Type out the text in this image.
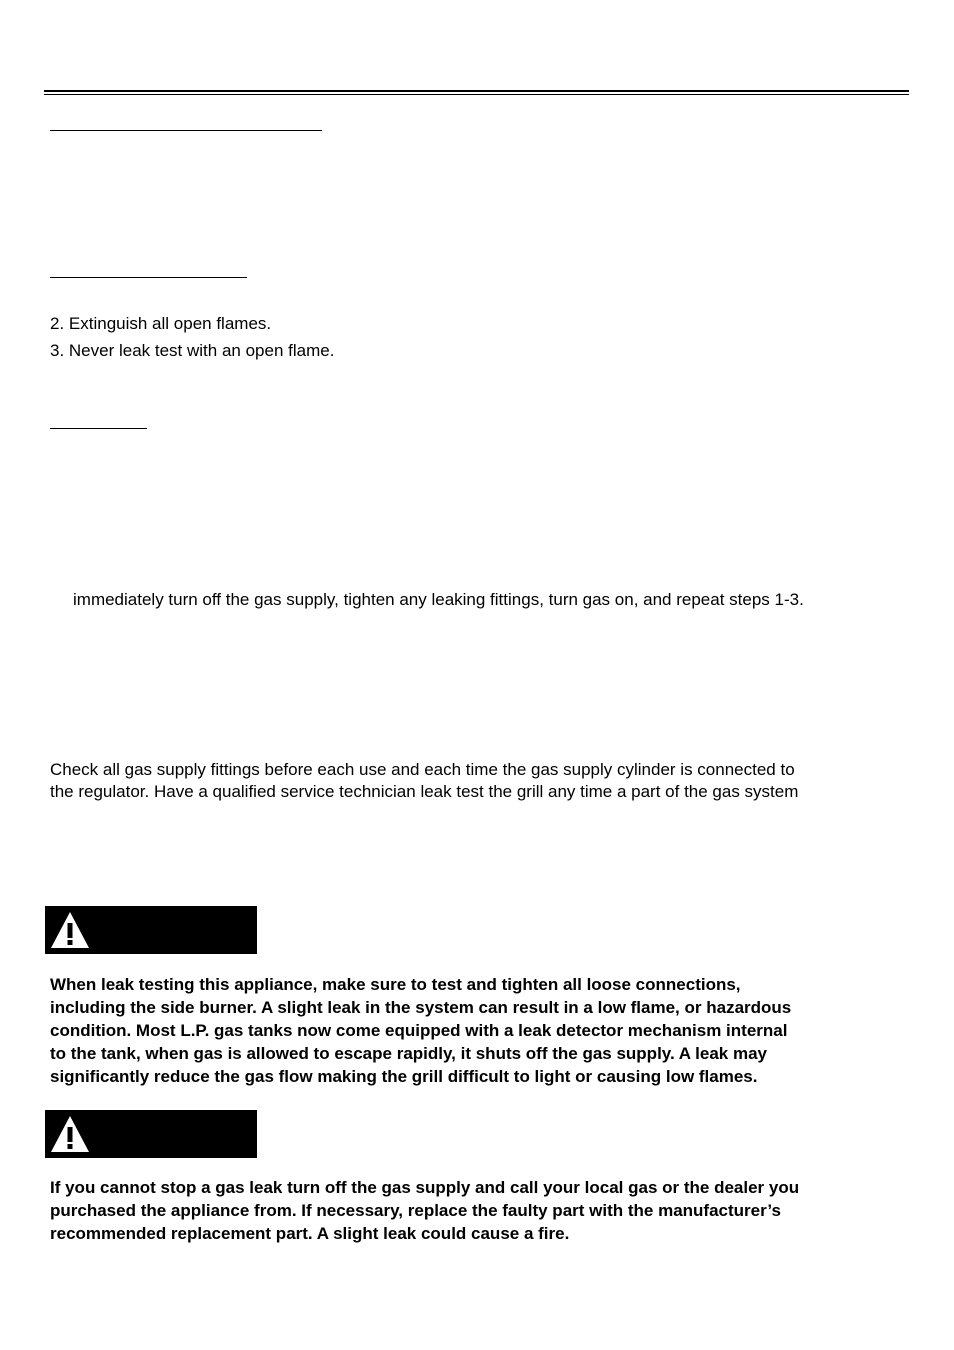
2. Extinguish all open flames.
3. Never leak test with an open flame.
immediately turn off the gas supply, tighten any leaking fittings, turn gas on, and repeat steps 1-3.
Check all gas supply fittings before each use and each time the gas supply cylinder is connected to
the regulator. Have a qualified service technician leak test the grill any time a part of the gas system
When leak testing this appliance, make sure to test and tighten all loose connections,
including the side burner. A slight leak in the system can result in a low flame, or hazardous
condition. Most L.P. gas tanks now come equipped with a leak detector mechanism internal
to the tank, when gas is allowed to escape rapidly, it shuts off the gas supply. A leak may
significantly reduce the gas flow making the grill difficult to light or causing low flames.
If you cannot stop a gas leak turn off the gas supply and call your local gas or the dealer you
purchased the appliance from. If necessary, replace the faulty part with the manufacturer’s
recommended replacement part. A slight leak could cause a fire.
